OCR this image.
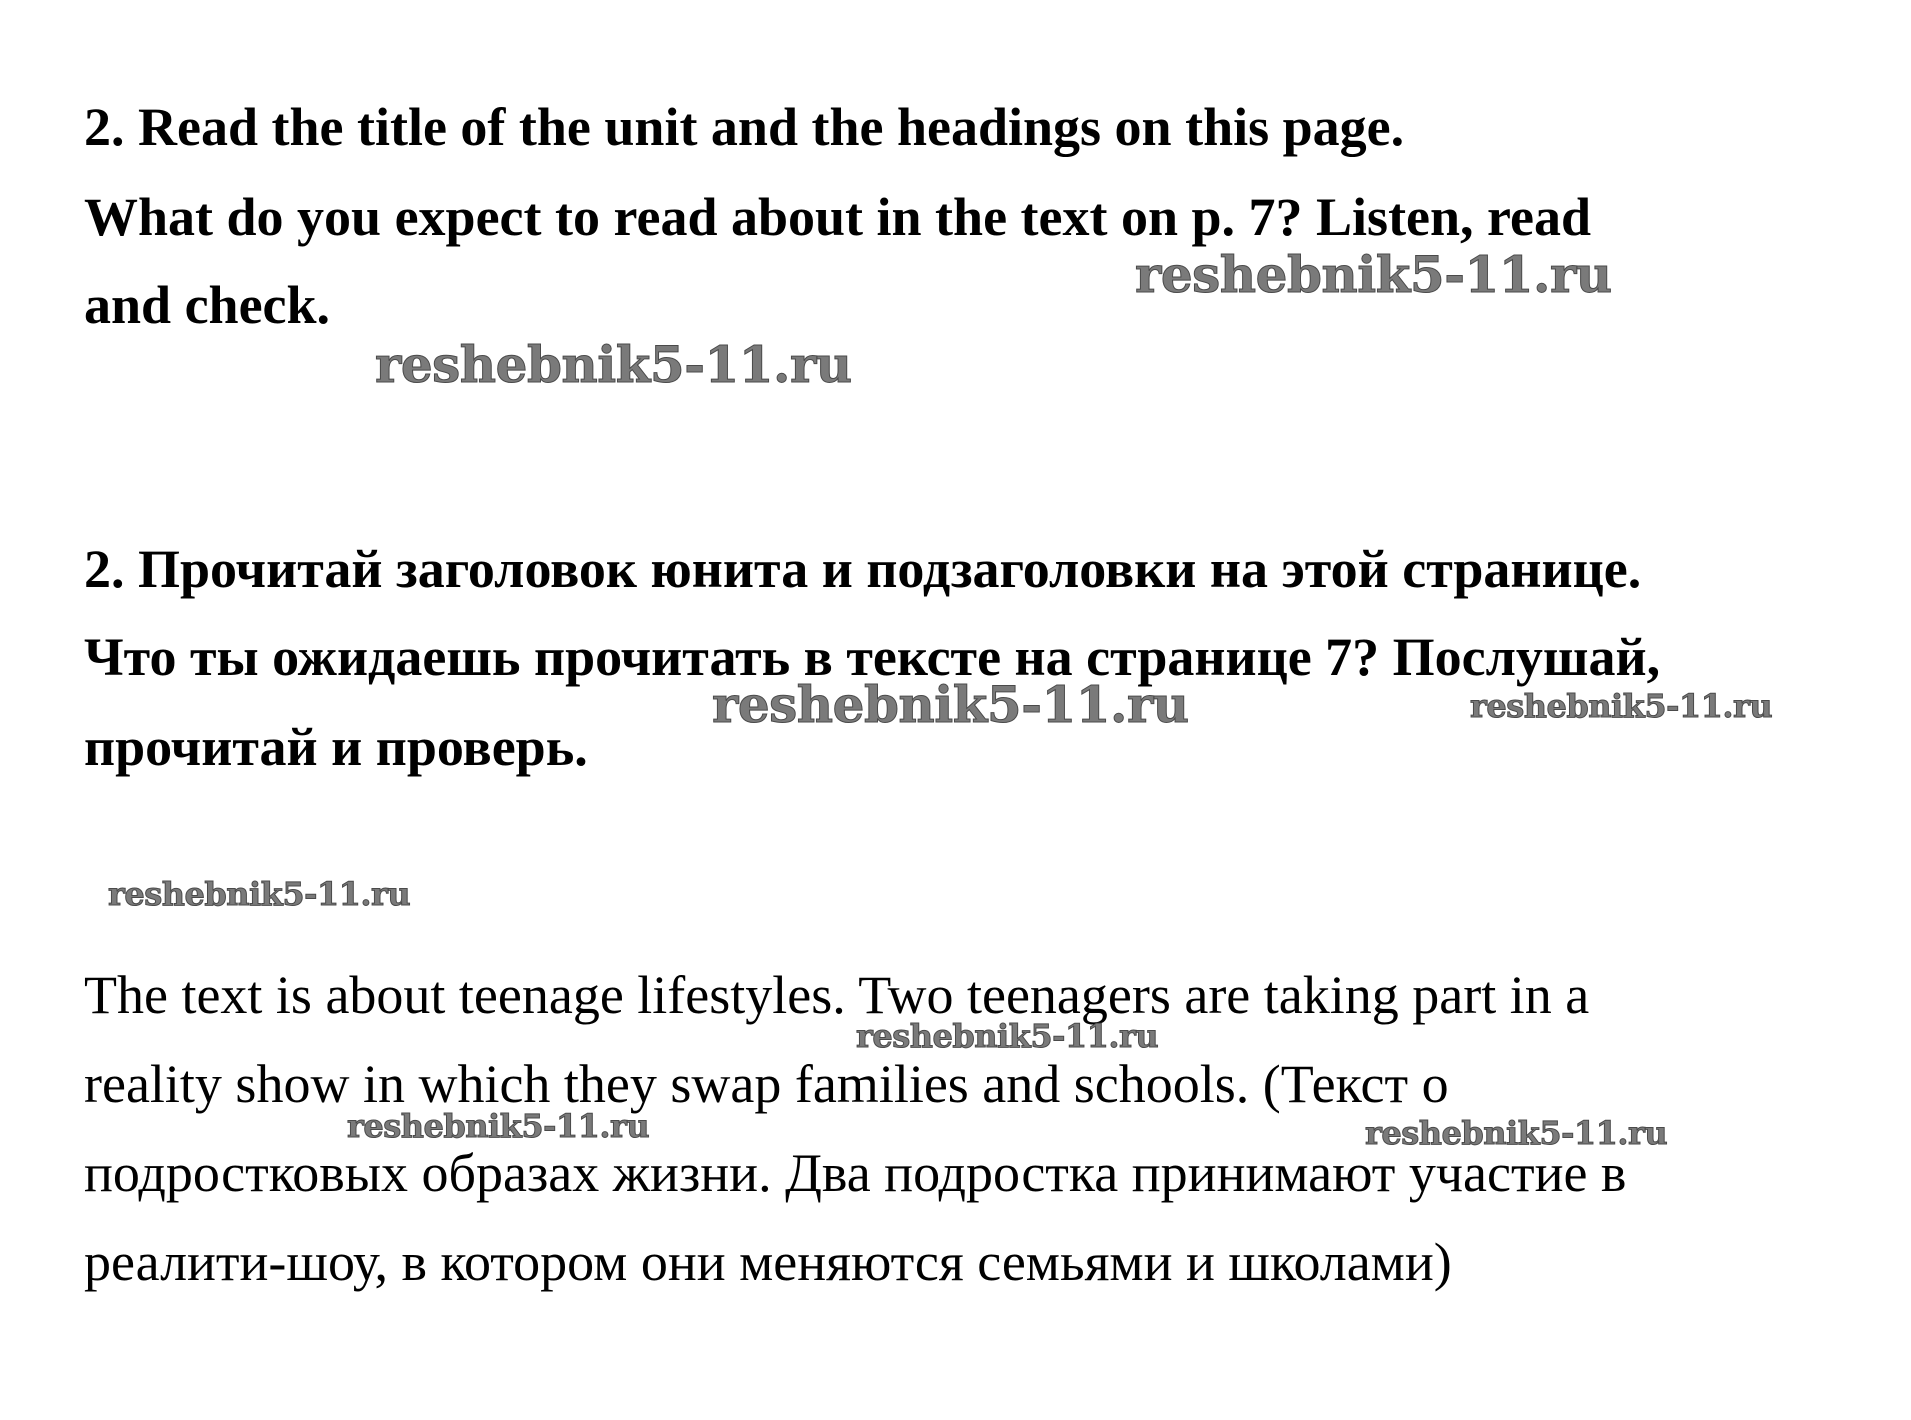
2. Read the title of the unit and the headings on this page.
What do you expect to read about in the text on p. 7? Listen, read
and check.
2. Прочитай заголовок юнита и подзаголовки на этой странице.
Что ты ожидаешь прочитать в тексте на странице 7? Послушай,
прочитай и проверь.
The text is about teenage lifestyles. Two teenagers are taking part in a
reality show in which they swap families and schools. (Текст о
подростковых образах жизни. Два подростка принимают участие в
реалити-шоу, в котором они меняются семьями и школами)
reshebnik5-11.ru
reshebnik5-11.ru
reshebnik5-11.ru	reshebnik5-11.ru
reshebnik5-11.ru
reshebnik5-11.ru
reshebnik5-11.ru	reshebnik5-11.ru
